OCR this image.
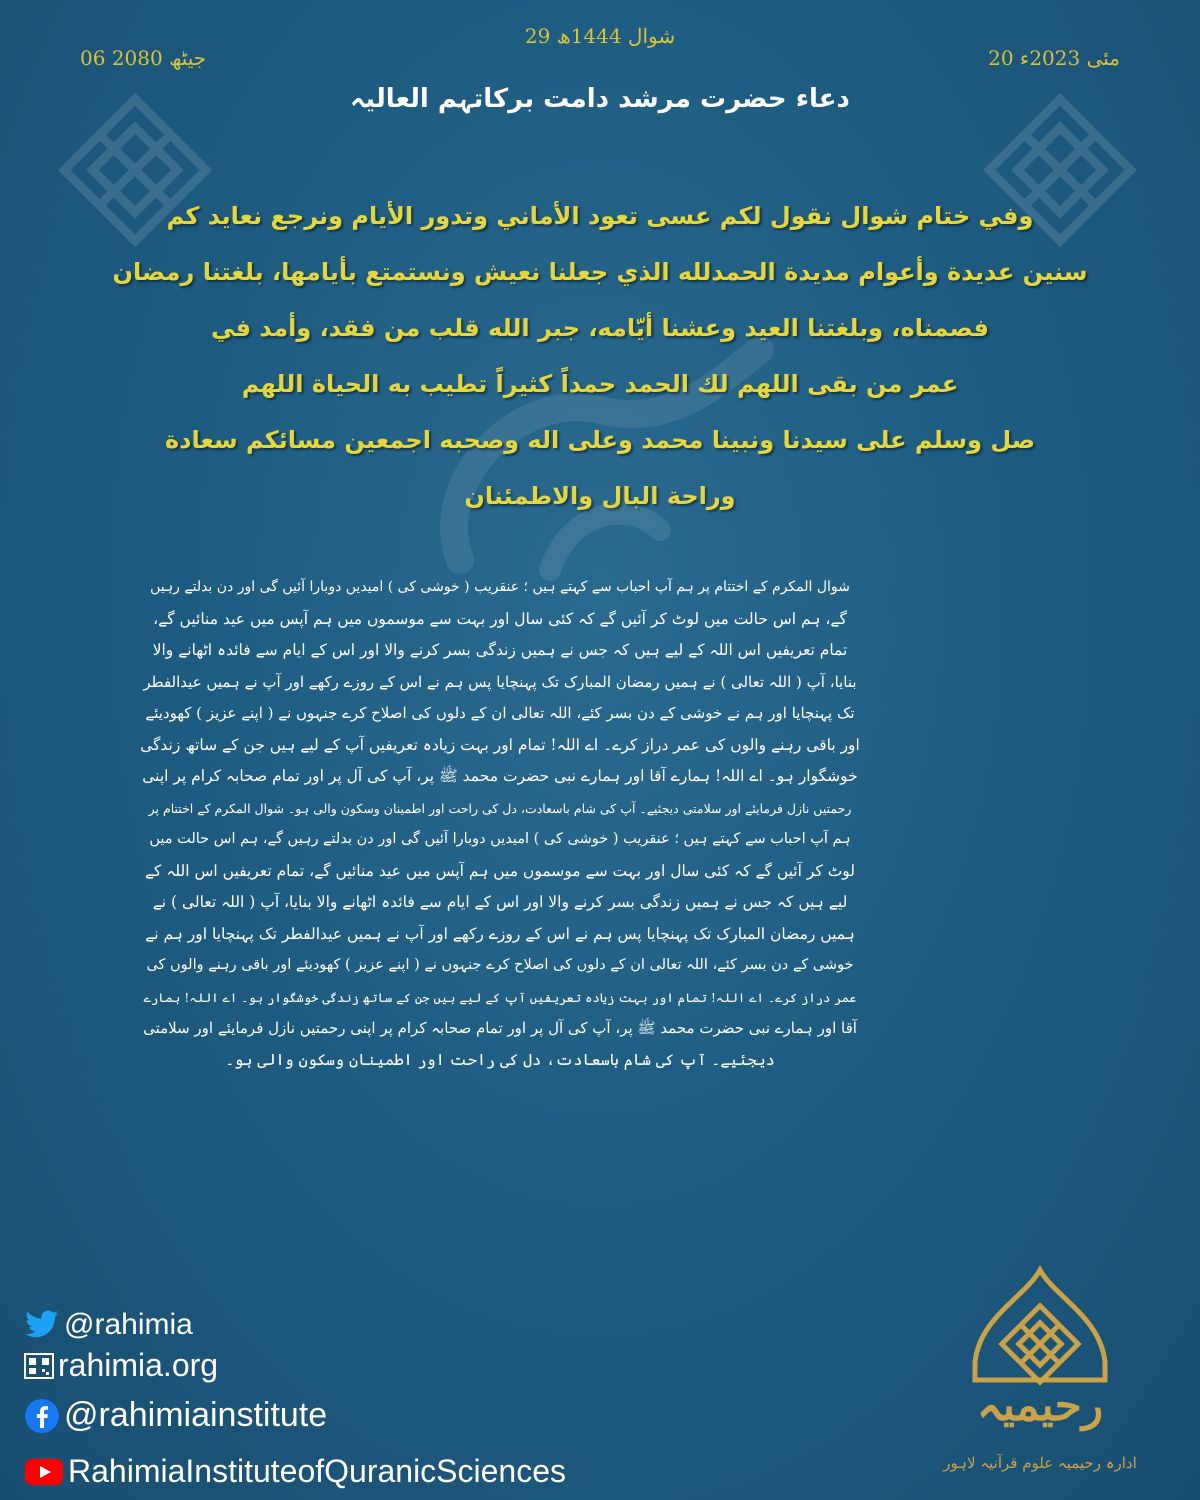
29 شوال 1444ھ
20 مئی 2023ء
06 جیٹھ 2080
دعاء حضرت مرشد دامت برکاتہم العالیہ
وفي ختام شوال نقول لكم عسى تعود الأماني وتدور الأيام ونرجع نعايد كم
سنين عديدة وأعوام مديدة الحمدلله الذي جعلنا نعيش ونستمتع بأيامها، بلغتنا رمضان
فصمناه، وبلغتنا العيد وعشنا أيّامه، جبر الله قلب من فقد، وأمد في
عمر من بقى اللهم لك الحمد حمداً كثيراً تطيب به الحياة اللهم
صل وسلم على سيدنا ونبينا محمد وعلى اله وصحبه اجمعين مسائكم سعادة
وراحة البال والاطمئنان
شوال المکرم کے اختتام پر ہم آپ احباب سے کہتے ہیں ؛ عنقریب ( خوشی کی ) امیدیں دوبارا آئیں گی اور دن بدلتے رہیں
گے، ہم اس حالت میں لوٹ کر آئیں گے کہ کئی سال اور بہت سے موسموں میں ہم آپس میں عید منائیں گے،
تمام تعریفیں اس اللہ کے لیے ہیں کہ جس نے ہمیں زندگی بسر کرنے والا اور اس کے ایام سے فائدہ اٹھانے والا
بنایا، آپ ( اللہ تعالی ) نے ہمیں رمضان المبارک تک پہنچایا پس ہم نے اس کے روزے رکھے اور آپ نے ہمیں عیدالفطر
تک پہنچایا اور ہم نے خوشی کے دن بسر کئے، اللہ تعالی ان کے دلوں کی اصلاح کرے جنہوں نے ( اپنے عزیز ) کھودیئے
اور باقی رہنے والوں کی عمر دراز کرے۔ اے اللہ! تمام اور بہت زیادہ تعریفیں آپ کے لیے ہیں جن کے ساتھ زندگی
خوشگوار ہو۔ اے اللہ! ہمارے آقا اور ہمارے نبی حضرت محمد ﷺ پر، آپ کی آل پر اور تمام صحابہ کرام پر اپنی
رحمتیں نازل فرمایئے اور سلامتی دیجئیے۔ آپ کی شام باسعادت، دل کی راحت اور اطمینان وسکون والی ہو۔ شوال المکرم کے اختتام پر
ہم آپ احباب سے کہتے ہیں ؛ عنقریب ( خوشی کی ) امیدیں دوبارا آئیں گی اور دن بدلتے رہیں گے، ہم اس حالت میں
لوٹ کر آئیں گے کہ کئی سال اور بہت سے موسموں میں ہم آپس میں عید منائیں گے، تمام تعریفیں اس اللہ کے
لیے ہیں کہ جس نے ہمیں زندگی بسر کرنے والا اور اس کے ایام سے فائدہ اٹھانے والا بنایا، آپ ( اللہ تعالی ) نے
ہمیں رمضان المبارک تک پہنچایا پس ہم نے اس کے روزے رکھے اور آپ نے ہمیں عیدالفطر تک پہنچایا اور ہم نے
خوشی کے دن بسر کئے، اللہ تعالی ان کے دلوں کی اصلاح کرے جنہوں نے ( اپنے عزیز ) کھودیئے اور باقی رہنے والوں کی
عمر دراز کرے۔ اے اللہ! تمام اور بہت زیادہ تعریفیں آپ کے لیے ہیں جن کے ساتھ زندگی خوشگوار ہو۔ اے اللہ! ہمارے
آقا اور ہمارے نبی حضرت محمد ﷺ پر، آپ کی آل پر اور تمام صحابہ کرام پر اپنی رحمتیں نازل فرمایئے اور سلامتی
دیجئیے۔ آپ کی شام باسعادت، دل کی راحت اور اطمینان وسکون والی ہو۔
@rahimia
rahimia.org
@rahimiainstitute
RahimiaInstituteofQuranicSciences
رحیمیہ
ادارہ رحیمیہ علوم قرآنیہ لاہور
